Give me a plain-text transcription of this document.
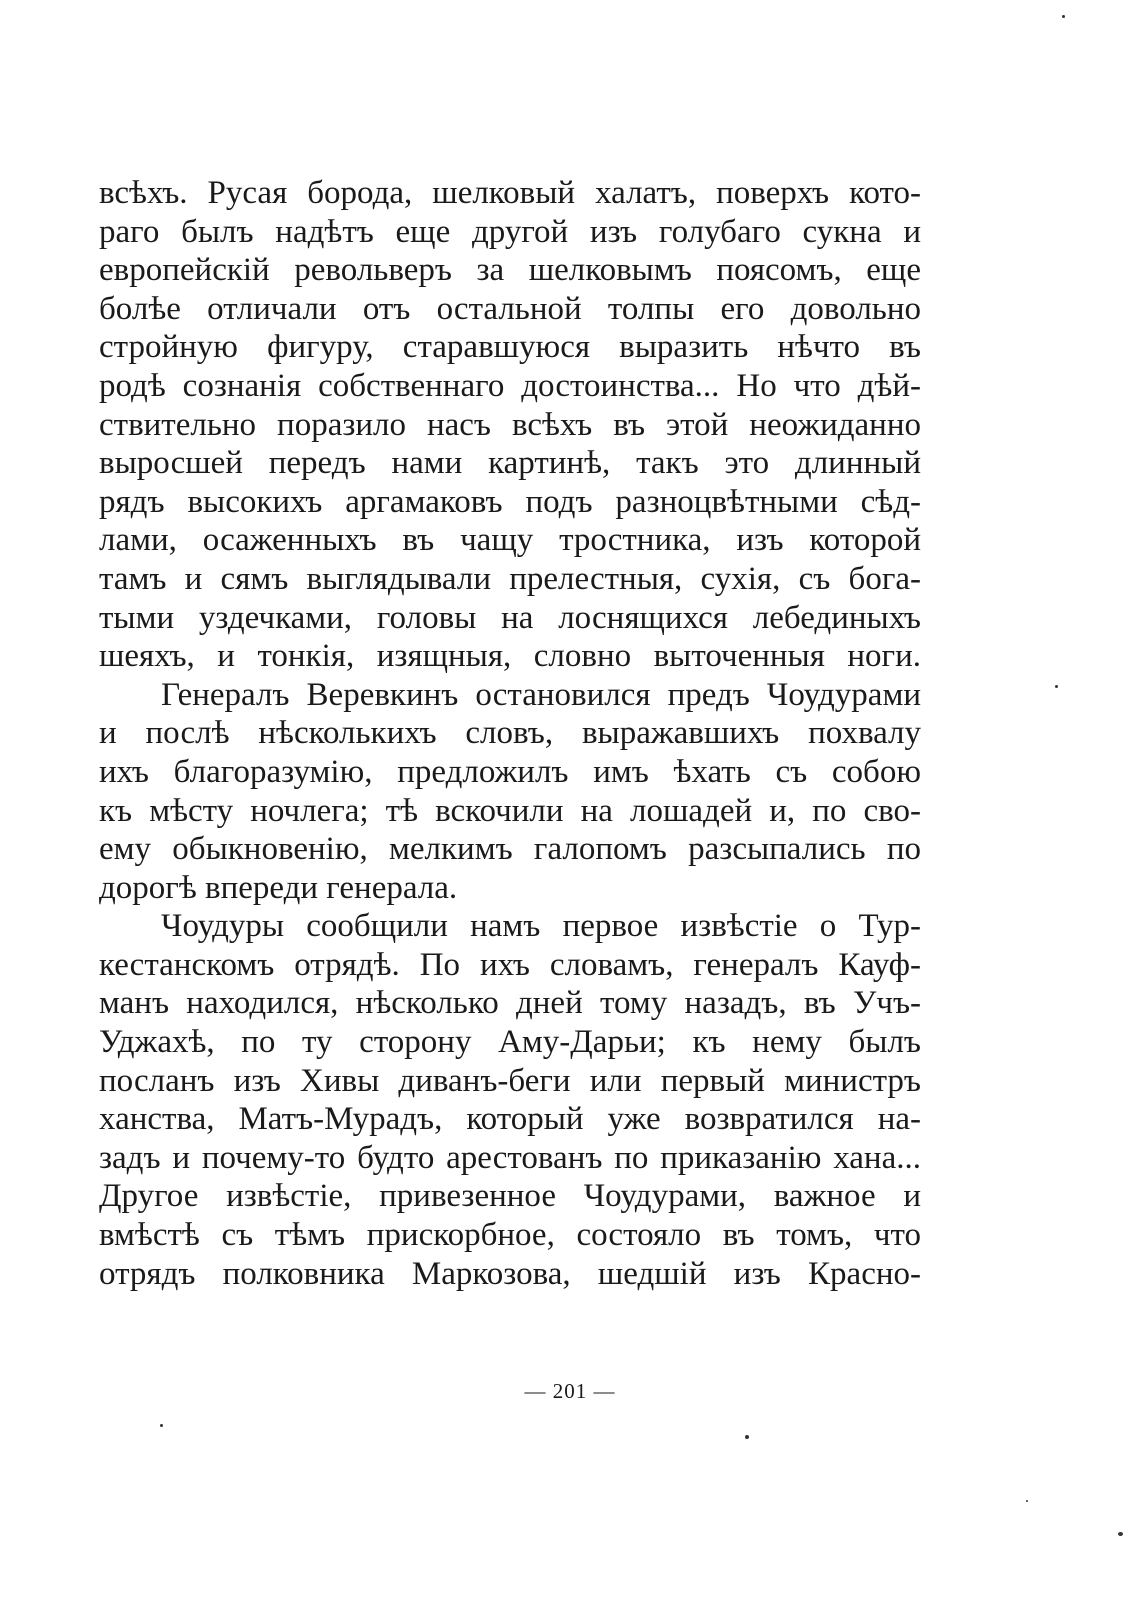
всѣхъ. Русая борода, шелковый халатъ, поверхъ кото-
раго былъ надѣтъ еще другой изъ голубаго сукна и
европейскій револьверъ за шелковымъ поясомъ, еще
болѣе отличали отъ остальной толпы его довольно
стройную фигуру, старавшуюся выразить нѣчто въ
родѣ сознанія собственнаго достоинства... Но что дѣй-
ствительно поразило насъ всѣхъ въ этой неожиданно
выросшей передъ нами картинѣ, такъ это длинный
рядъ высокихъ аргамаковъ подъ разноцвѣтными сѣд-
лами, осаженныхъ въ чащу тростника, изъ которой
тамъ и сямъ выглядывали прелестныя, сухія, съ бога-
тыми уздечками, головы на лоснящихся лебединыхъ
шеяхъ, и тонкія, изящныя, словно выточенныя ноги.
Генералъ Веревкинъ остановился предъ Чоудурами
и послѣ нѣсколькихъ словъ, выражавшихъ похвалу
ихъ благоразумію, предложилъ имъ ѣхать съ собою
къ мѣсту ночлега; тѣ вскочили на лошадей и, по сво-
ему обыкновенію, мелкимъ галопомъ разсыпались по
дорогѣ впереди генерала.
Чоудуры сообщили намъ первое извѣстіе о Тур-
кестанскомъ отрядѣ. По ихъ словамъ, генералъ Кауф-
манъ находился, нѣсколько дней тому назадъ, въ Учъ-
Уджахѣ, по ту сторону Аму-Дарьи; къ нему былъ
посланъ изъ Хивы диванъ-беги или первый министръ
ханства, Матъ-Мурадъ, который уже возвратился на-
задъ и почему-то будто арестованъ по приказанію хана...
Другое извѣстіе, привезенное Чоудурами, важное и
вмѣстѣ съ тѣмъ прискорбное, состояло въ томъ, что
отрядъ полковника Маркозова, шедшій изъ Красно-
— 201 —
